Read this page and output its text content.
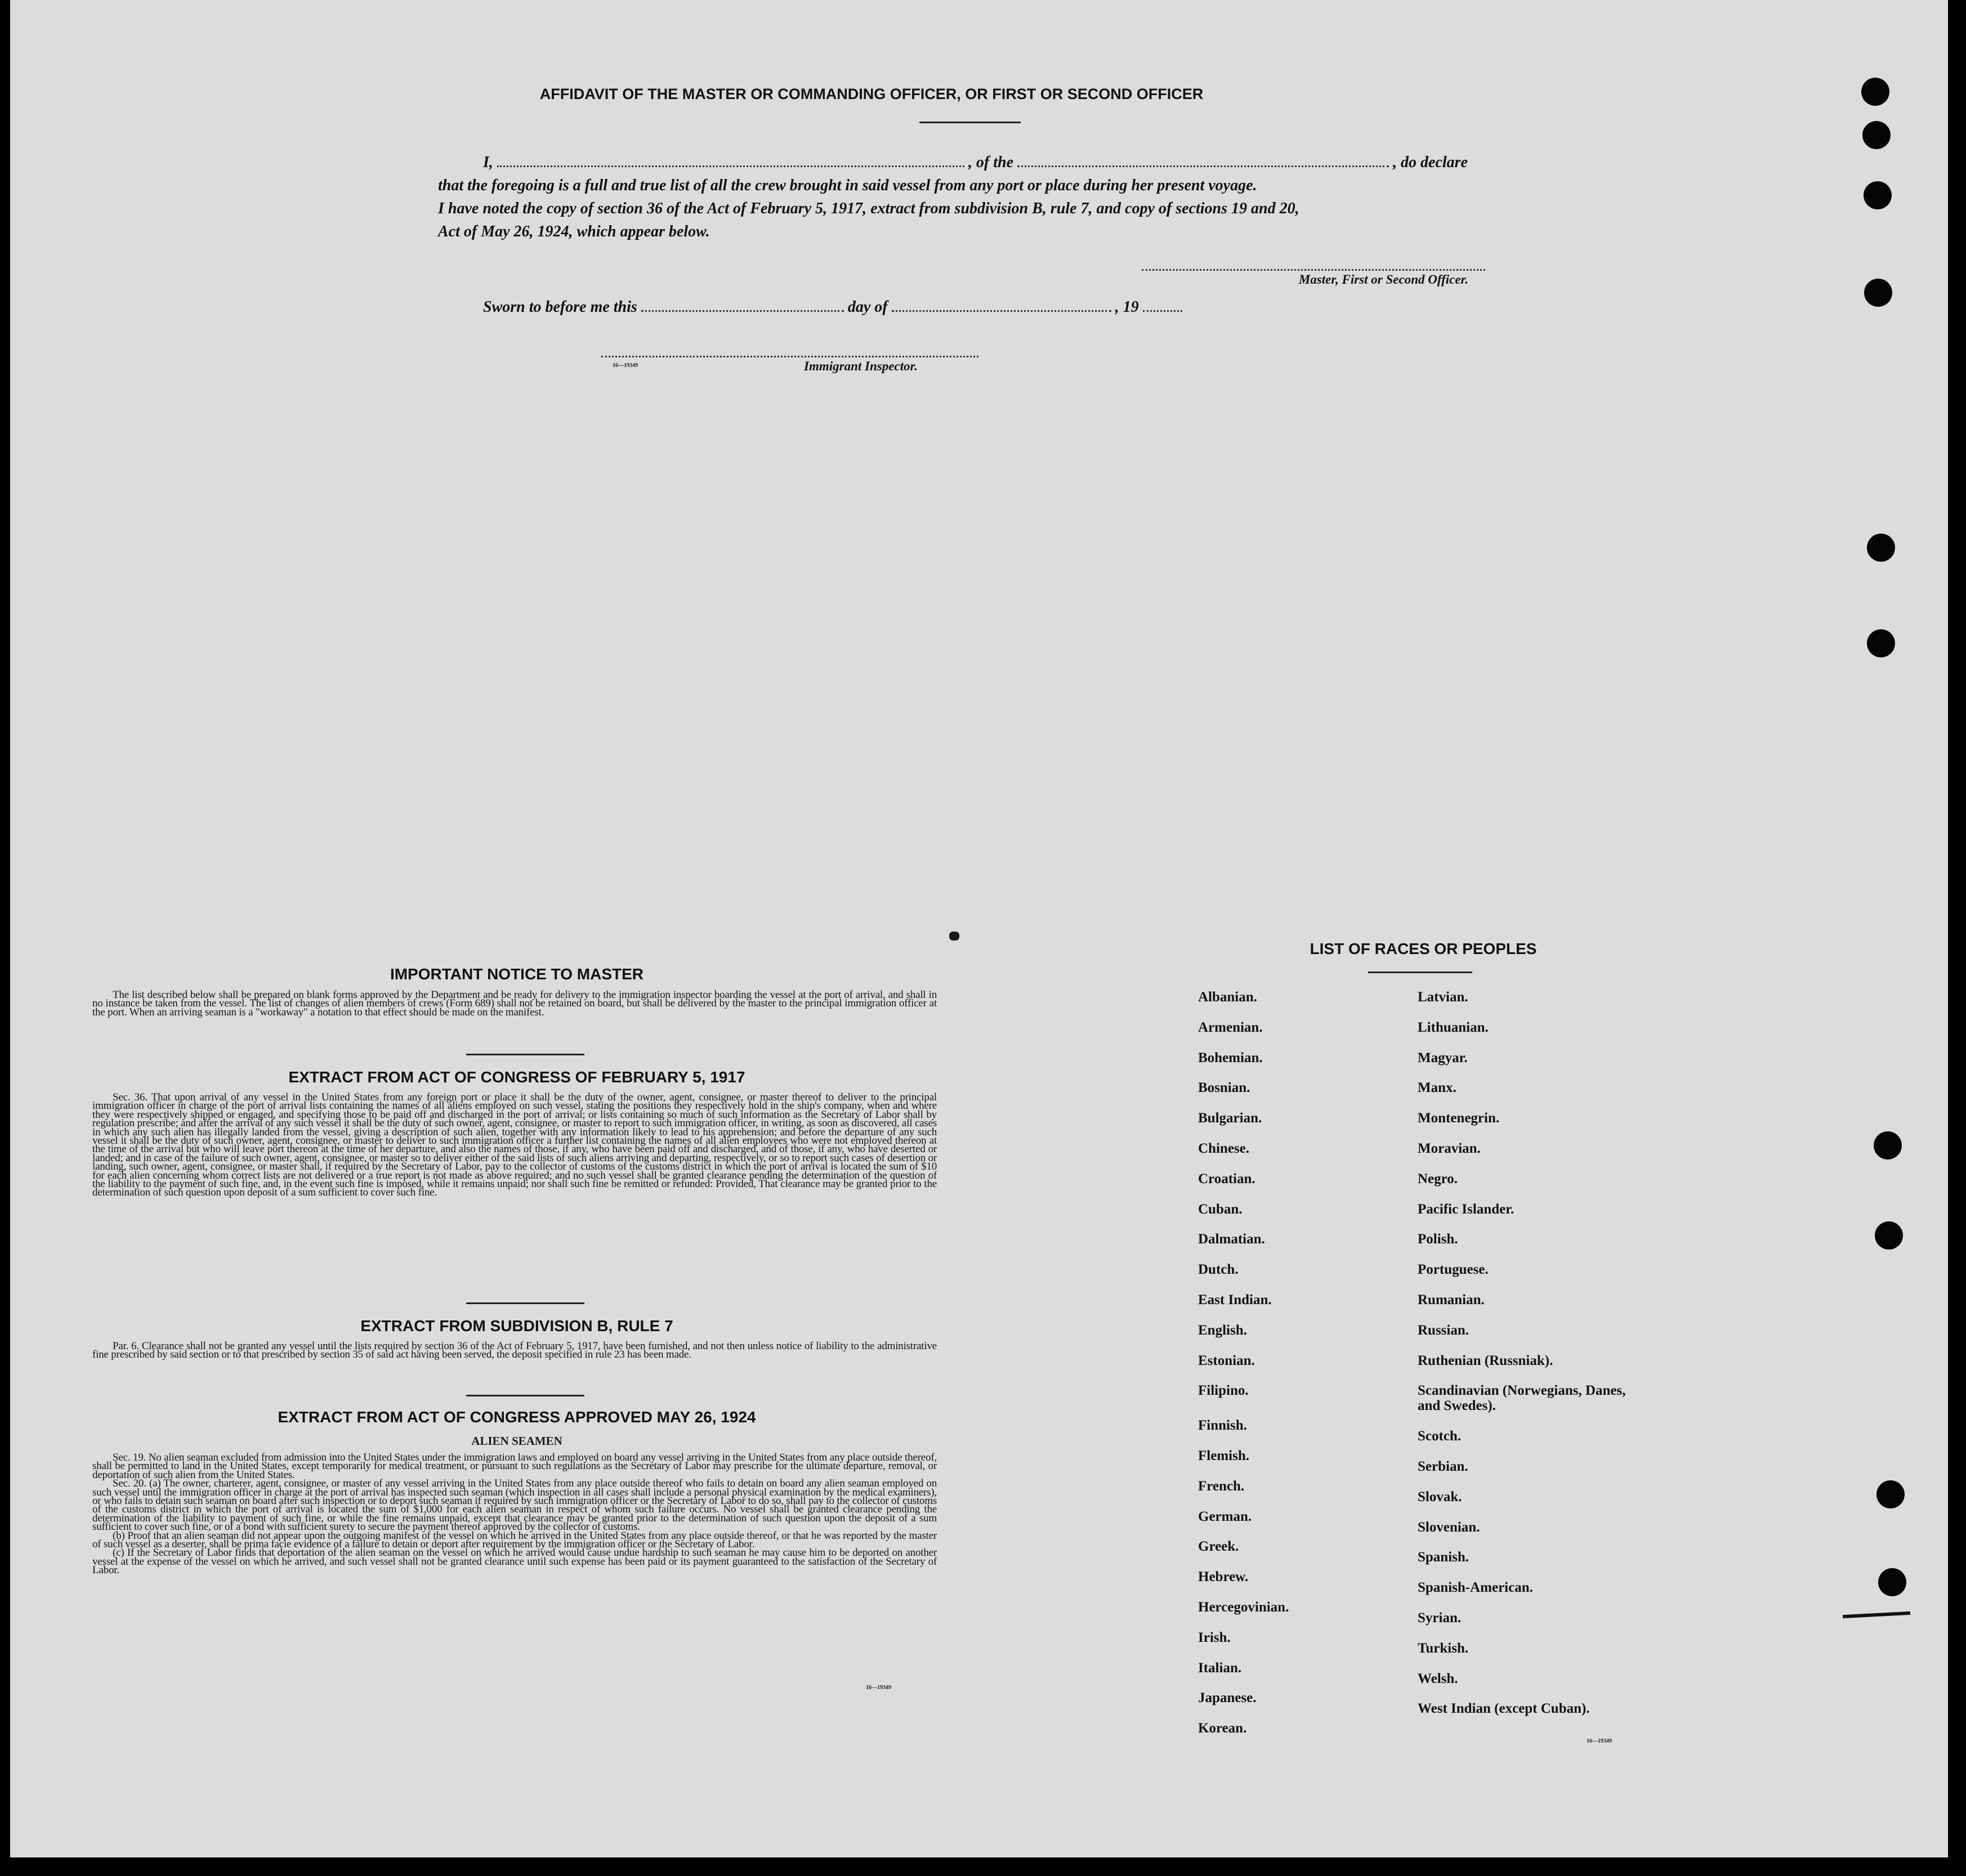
AFFIDAVIT OF THE MASTER OR COMMANDING OFFICER, OR FIRST OR SECOND OFFICER
I,	, of the	, do declare
that the foregoing is a full and true list of all the crew brought in said vessel from any port or place during her present voyage.
I have noted the copy of section 36 of the Act of February 5, 1917, extract from subdivision B, rule 7, and copy of sections 19 and 20,
Act of May 26, 1924, which appear below.
Master, First or Second Officer.
Sworn to before me this	day of	, 19
16—19349	Immigrant Inspector.
IMPORTANT NOTICE TO MASTER

The list described below shall be prepared on blank forms approved by the Department and be ready for delivery to the immigration inspector boarding the vessel at the port of arrival, and shall in no instance be taken from the vessel. The list of changes of alien members of crews (Form 689) shall not be retained on board, but shall be delivered by the master to the principal immigration officer at the port. When an arriving seaman is a "workaway" a notation to that effect should be made on the manifest.

EXTRACT FROM ACT OF CONGRESS OF FEBRUARY 5, 1917

Sec. 36. That upon arrival of any vessel in the United States from any foreign port or place it shall be the duty of the owner, agent, consignee, or master thereof to deliver to the principal immigration officer in charge of the port of arrival lists containing the names of all aliens employed on such vessel, stating the positions they respectively hold in the ship's company, when and where they were respectively shipped or engaged, and specifying those to be paid off and discharged in the port of arrival; or lists containing so much of such information as the Secretary of Labor shall by regulation prescribe; and after the arrival of any such vessel it shall be the duty of such owner, agent, consignee, or master to report to such immigration officer, in writing, as soon as discovered, all cases in which any such alien has illegally landed from the vessel, giving a description of such alien, together with any information likely to lead to his apprehension; and before the departure of any such vessel it shall be the duty of such owner, agent, consignee, or master to deliver to such immigration officer a further list containing the names of all alien employees who were not employed thereon at the time of the arrival but who will leave port thereon at the time of her departure, and also the names of those, if any, who have been paid off and discharged, and of those, if any, who have deserted or landed; and in case of the failure of such owner, agent, consignee, or master so to deliver either of the said lists of such aliens arriving and departing, respectively, or so to report such cases of desertion or landing, such owner, agent, consignee, or master shall, if required by the Secretary of Labor, pay to the collector of customs of the customs district in which the port of arrival is located the sum of $10 for each alien concerning whom correct lists are not delivered or a true report is not made as above required; and no such vessel shall be granted clearance pending the determination of the question of the liability to the payment of such fine, and, in the event such fine is imposed, while it remains unpaid; nor shall such fine be remitted or refunded: Provided, That clearance may be granted prior to the determination of such question upon deposit of a sum sufficient to cover such fine.

EXTRACT FROM SUBDIVISION B, RULE 7

Par. 6. Clearance shall not be granted any vessel until the lists required by section 36 of the Act of February 5, 1917, have been furnished, and not then unless notice of liability to the administrative fine prescribed by said section or to that prescribed by section 35 of said act having been served, the deposit specified in rule 23 has been made.

EXTRACT FROM ACT OF CONGRESS APPROVED MAY 26, 1924
ALIEN SEAMEN

Sec. 19. No alien seaman excluded from admission into the United States under the immigration laws and employed on board any vessel arriving in the United States from any place outside thereof, shall be permitted to land in the United States, except temporarily for medical treatment, or pursuant to such regulations as the Secretary of Labor may prescribe for the ultimate departure, removal, or deportation of such alien from the United States.

Sec. 20. (a) The owner, charterer, agent, consignee, or master of any vessel arriving in the United States from any place outside thereof who fails to detain on board any alien seaman employed on such vessel until the immigration officer in charge at the port of arrival has inspected such seaman (which inspection in all cases shall include a personal physical examination by the medical examiners), or who fails to detain such seaman on board after such inspection or to deport such seaman if required by such immigration officer or the Secretary of Labor to do so, shall pay to the collector of customs of the customs district in which the port of arrival is located the sum of $1,000 for each alien seaman in respect of whom such failure occurs. No vessel shall be granted clearance pending the determination of the liability to payment of such fine, or while the fine remains unpaid, except that clearance may be granted prior to the determination of such question upon the deposit of a sum sufficient to cover such fine, or of a bond with sufficient surety to secure the payment thereof approved by the collector of customs.

(b) Proof that an alien seaman did not appear upon the outgoing manifest of the vessel on which he arrived in the United States from any place outside thereof, or that he was reported by the master of such vessel as a deserter, shall be prima facie evidence of a failure to detain or deport after requirement by the immigration officer or the Secretary of Labor.

(c) If the Secretary of Labor finds that deportation of the alien seaman on the vessel on which he arrived would cause undue hardship to such seaman he may cause him to be deported on another vessel at the expense of the vessel on which he arrived, and such vessel shall not be granted clearance until such expense has been paid or its payment guaranteed to the satisfaction of the Secretary of Labor.

16—19349
LIST OF RACES OR PEOPLES
16—19349
Albanian.
Armenian.
Bohemian.
Bosnian.
Bulgarian.
Chinese.
Croatian.
Cuban.
Dalmatian.
Dutch.
East Indian.
English.
Estonian.
Filipino.
Finnish.
Flemish.
French.
German.
Greek.
Hebrew.
Hercegovinian.
Irish.
Italian.
Japanese.
Korean.
Latvian.
Lithuanian.
Magyar.
Manx.
Montenegrin.
Moravian.
Negro.
Pacific Islander.
Polish.
Portuguese.
Rumanian.
Russian.
Ruthenian (Russniak).
Scandinavian (Norwegians, Danes, and Swedes).
Scotch.
Serbian.
Slovak.
Slovenian.
Spanish.
Spanish-American.
Syrian.
Turkish.
Welsh.
West Indian (except Cuban).
